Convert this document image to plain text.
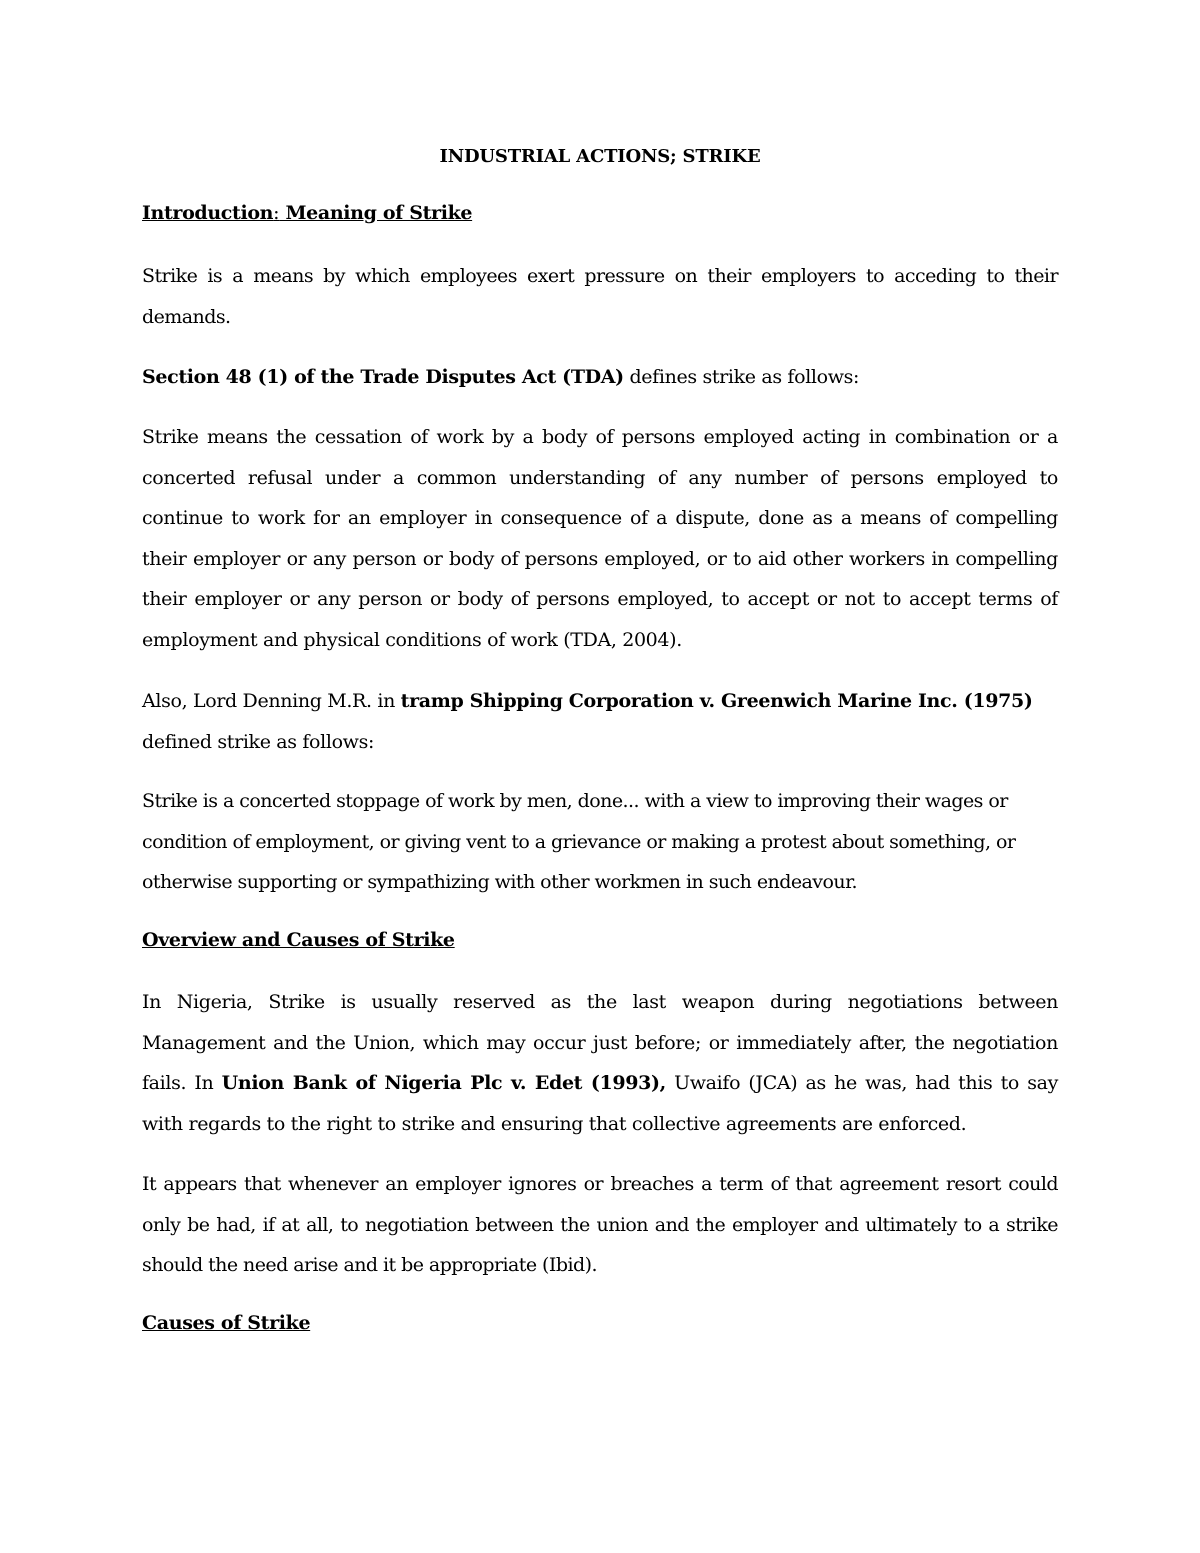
INDUSTRIAL ACTIONS; STRIKE
Introduction: Meaning of Strike
Strike is a means by which employees exert pressure on their employers to acceding to their demands.
Section 48 (1) of the Trade Disputes Act (TDA) defines strike as follows:
Strike means the cessation of work by a body of persons employed acting in combination or a concerted refusal under a common understanding of any number of persons employed to continue to work for an employer in consequence of a dispute, done as a means of compelling their employer or any person or body of persons employed, or to aid other workers in compelling their employer or any person or body of persons employed, to accept or not to accept terms of employment and physical conditions of work (TDA, 2004).
Also, Lord Denning M.R. in tramp Shipping Corporation v. Greenwich Marine Inc. (1975) defined strike as follows:
Strike is a concerted stoppage of work by men, done... with a view to improving their wages or condition of employment, or giving vent to a grievance or making a protest about something, or otherwise supporting or sympathizing with other workmen in such endeavour.
Overview and Causes of Strike
In Nigeria, Strike is usually reserved as the last weapon during negotiations between Management and the Union, which may occur just before; or immediately after, the negotiation fails. In Union Bank of Nigeria Plc v. Edet (1993), Uwaifo (JCA) as he was, had this to say with regards to the right to strike and ensuring that collective agreements are enforced.
It appears that whenever an employer ignores or breaches a term of that agreement resort could only be had, if at all, to negotiation between the union and the employer and ultimately to a strike should the need arise and it be appropriate (Ibid).
Causes of Strike
